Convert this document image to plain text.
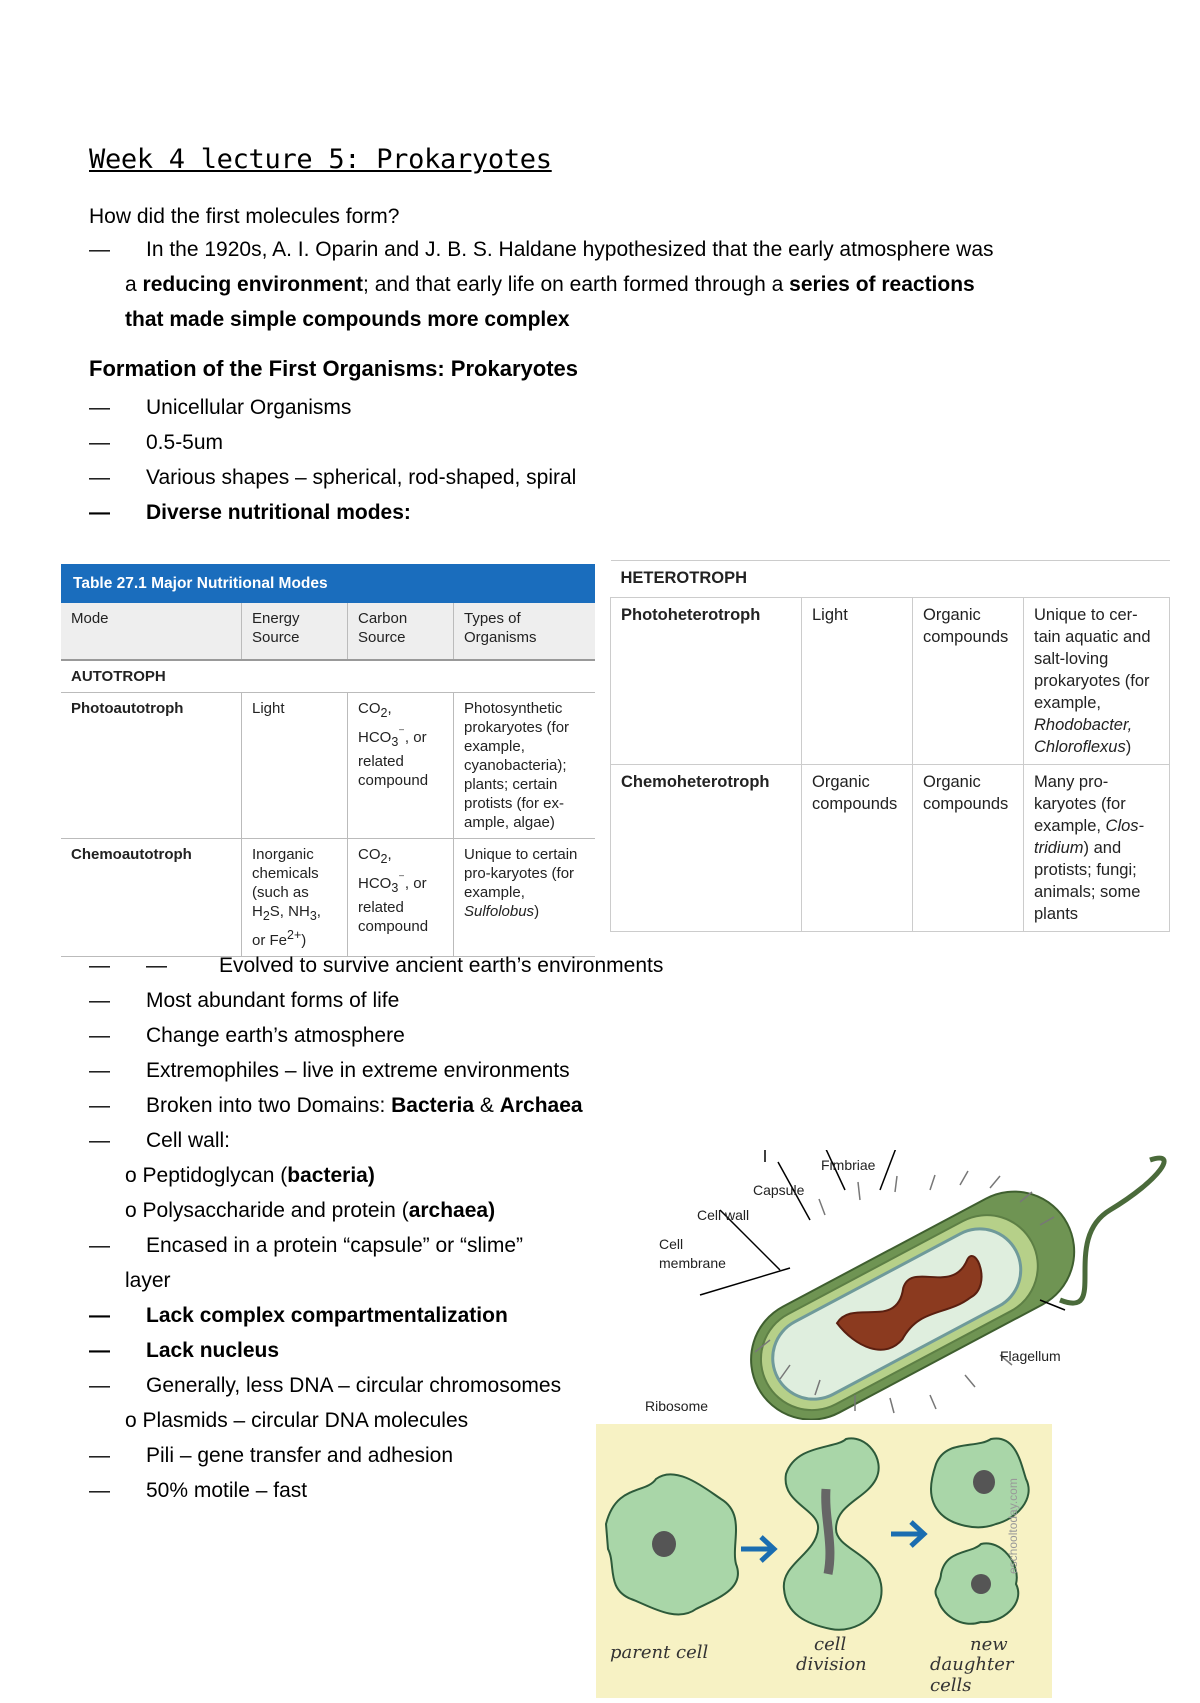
Week 4 lecture 5: Prokaryotes
How did the first molecules form?
— In the 1920s, A. I. Oparin and J. B. S. Haldane hypothesized that the early atmosphere was
a reducing environment; and that early life on earth formed through a series of reactions
that made simple compounds more complex
Formation of the First Organisms: Prokaryotes
— Unicellular Organisms
— 0.5-5um
— Various shapes – spherical, rod-shaped, spiral
— Diverse nutritional modes:
Table 27.1 Major Nutritional Modes			
Mode	Energy Source	Carbon Source	Types of Organisms
AUTOTROPH			
Photoautotroph	Light	$CO_2$, $HCO_3^{^-}$, or related compound	Photosynthetic prokaryotes (for example, cyanobacteria); plants; certain protists (for ex-ample, algae)
Chemoautotroph	Inorganic chemicals (such as $H_2S$, $NH_3$, or $Fe^{2+}$)	$CO_2$, $HCO_3^{^-}$, or related compound	Unique to certain pro-karyotes (for example, Sulfolobus)
HETEROTROPH			
Photoheterotroph	Light	Organic compounds	Unique to cer-tain aquatic and salt-loving prokaryotes (for example, Rhodobacter, Chloroflexus)
Chemoheterotroph	Organic compounds	Organic compounds	Many pro-karyotes (for example, Clos-tridium) and protists; fungi; animals; some plants
— — Evolved to survive ancient earth’s environments
— Most abundant forms of life
— Change earth’s atmosphere
— Extremophiles – live in extreme environments
— Broken into two Domains: Bacteria & Archaea
— Cell wall:
o Peptidoglycan (bacteria)
o Polysaccharide and protein (archaea)
— Encased in a protein “capsule” or “slime”
layer
— Lack complex compartmentalization
— Lack nucleus
— Generally, less DNA – circular chromosomes
o Plasmids – circular DNA molecules
— Pili – gene transfer and adhesion
— 50% motile – fast
Fimbriae
Capsule
Cell wall
Cell
membrane
Flagellum
Ribosome
parent cell	cell
division
new
daughter cells
eschooltoday.com
